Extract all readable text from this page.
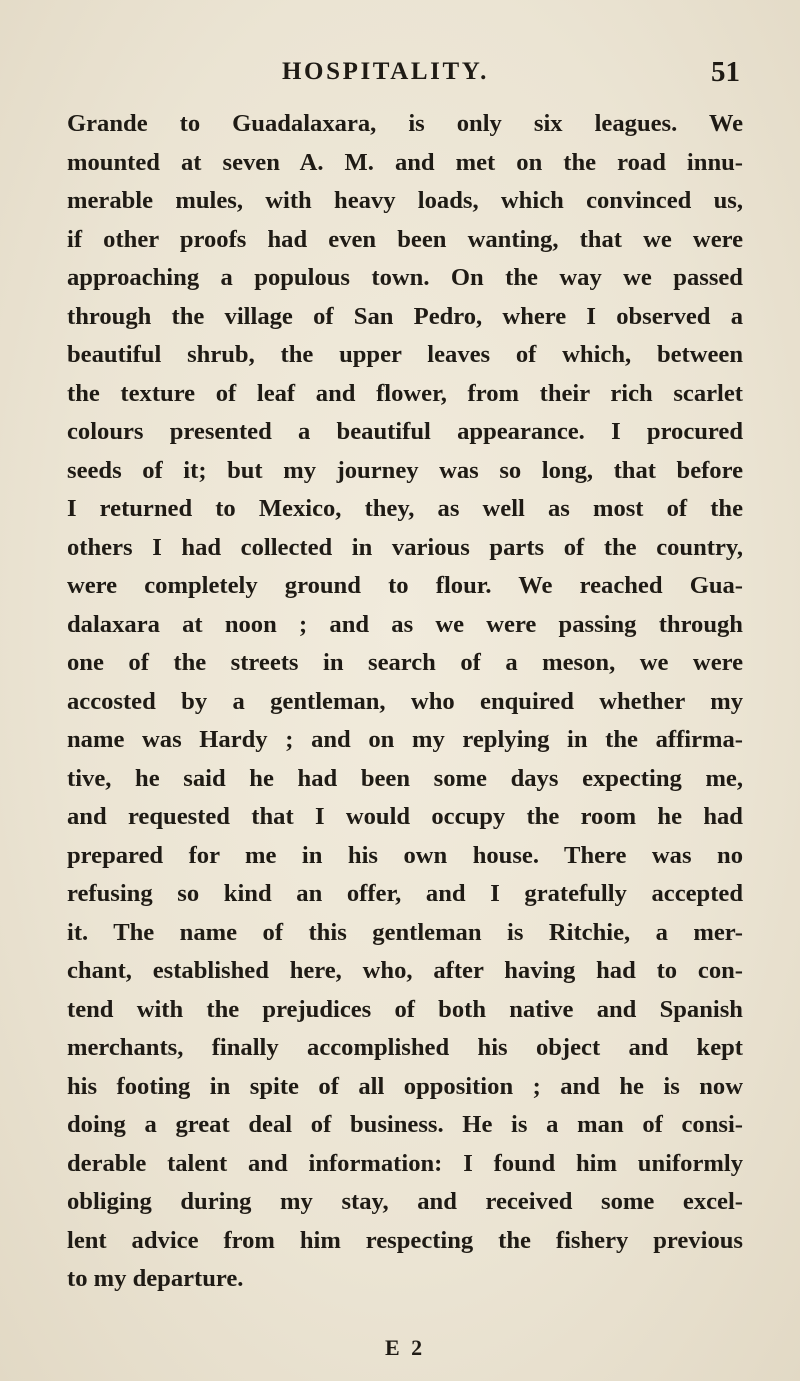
HOSPITALITY.	51
Grande to Guadalaxara, is only six leagues. We
mounted at seven A. M. and met on the road innu-
merable mules, with heavy loads, which convinced us,
if other proofs had even been wanting, that we were
approaching a populous town. On the way we passed
through the village of San Pedro, where I observed a
beautiful shrub, the upper leaves of which, between
the texture of leaf and flower, from their rich scarlet
colours presented a beautiful appearance. I procured
seeds of it; but my journey was so long, that before
I returned to Mexico, they, as well as most of the
others I had collected in various parts of the country,
were completely ground to flour. We reached Gua-
dalaxara at noon ; and as we were passing through
one of the streets in search of a meson, we were
accosted by a gentleman, who enquired whether my
name was Hardy ; and on my replying in the affirma-
tive, he said he had been some days expecting me,
and requested that I would occupy the room he had
prepared for me in his own house. There was no
refusing so kind an offer, and I gratefully accepted
it. The name of this gentleman is Ritchie, a mer-
chant, established here, who, after having had to con-
tend with the prejudices of both native and Spanish
merchants, finally accomplished his object and kept
his footing in spite of all opposition ; and he is now
doing a great deal of business. He is a man of consi-
derable talent and information: I found him uniformly
obliging during my stay, and received some excel-
lent advice from him respecting the fishery previous
to my departure.
E 2
